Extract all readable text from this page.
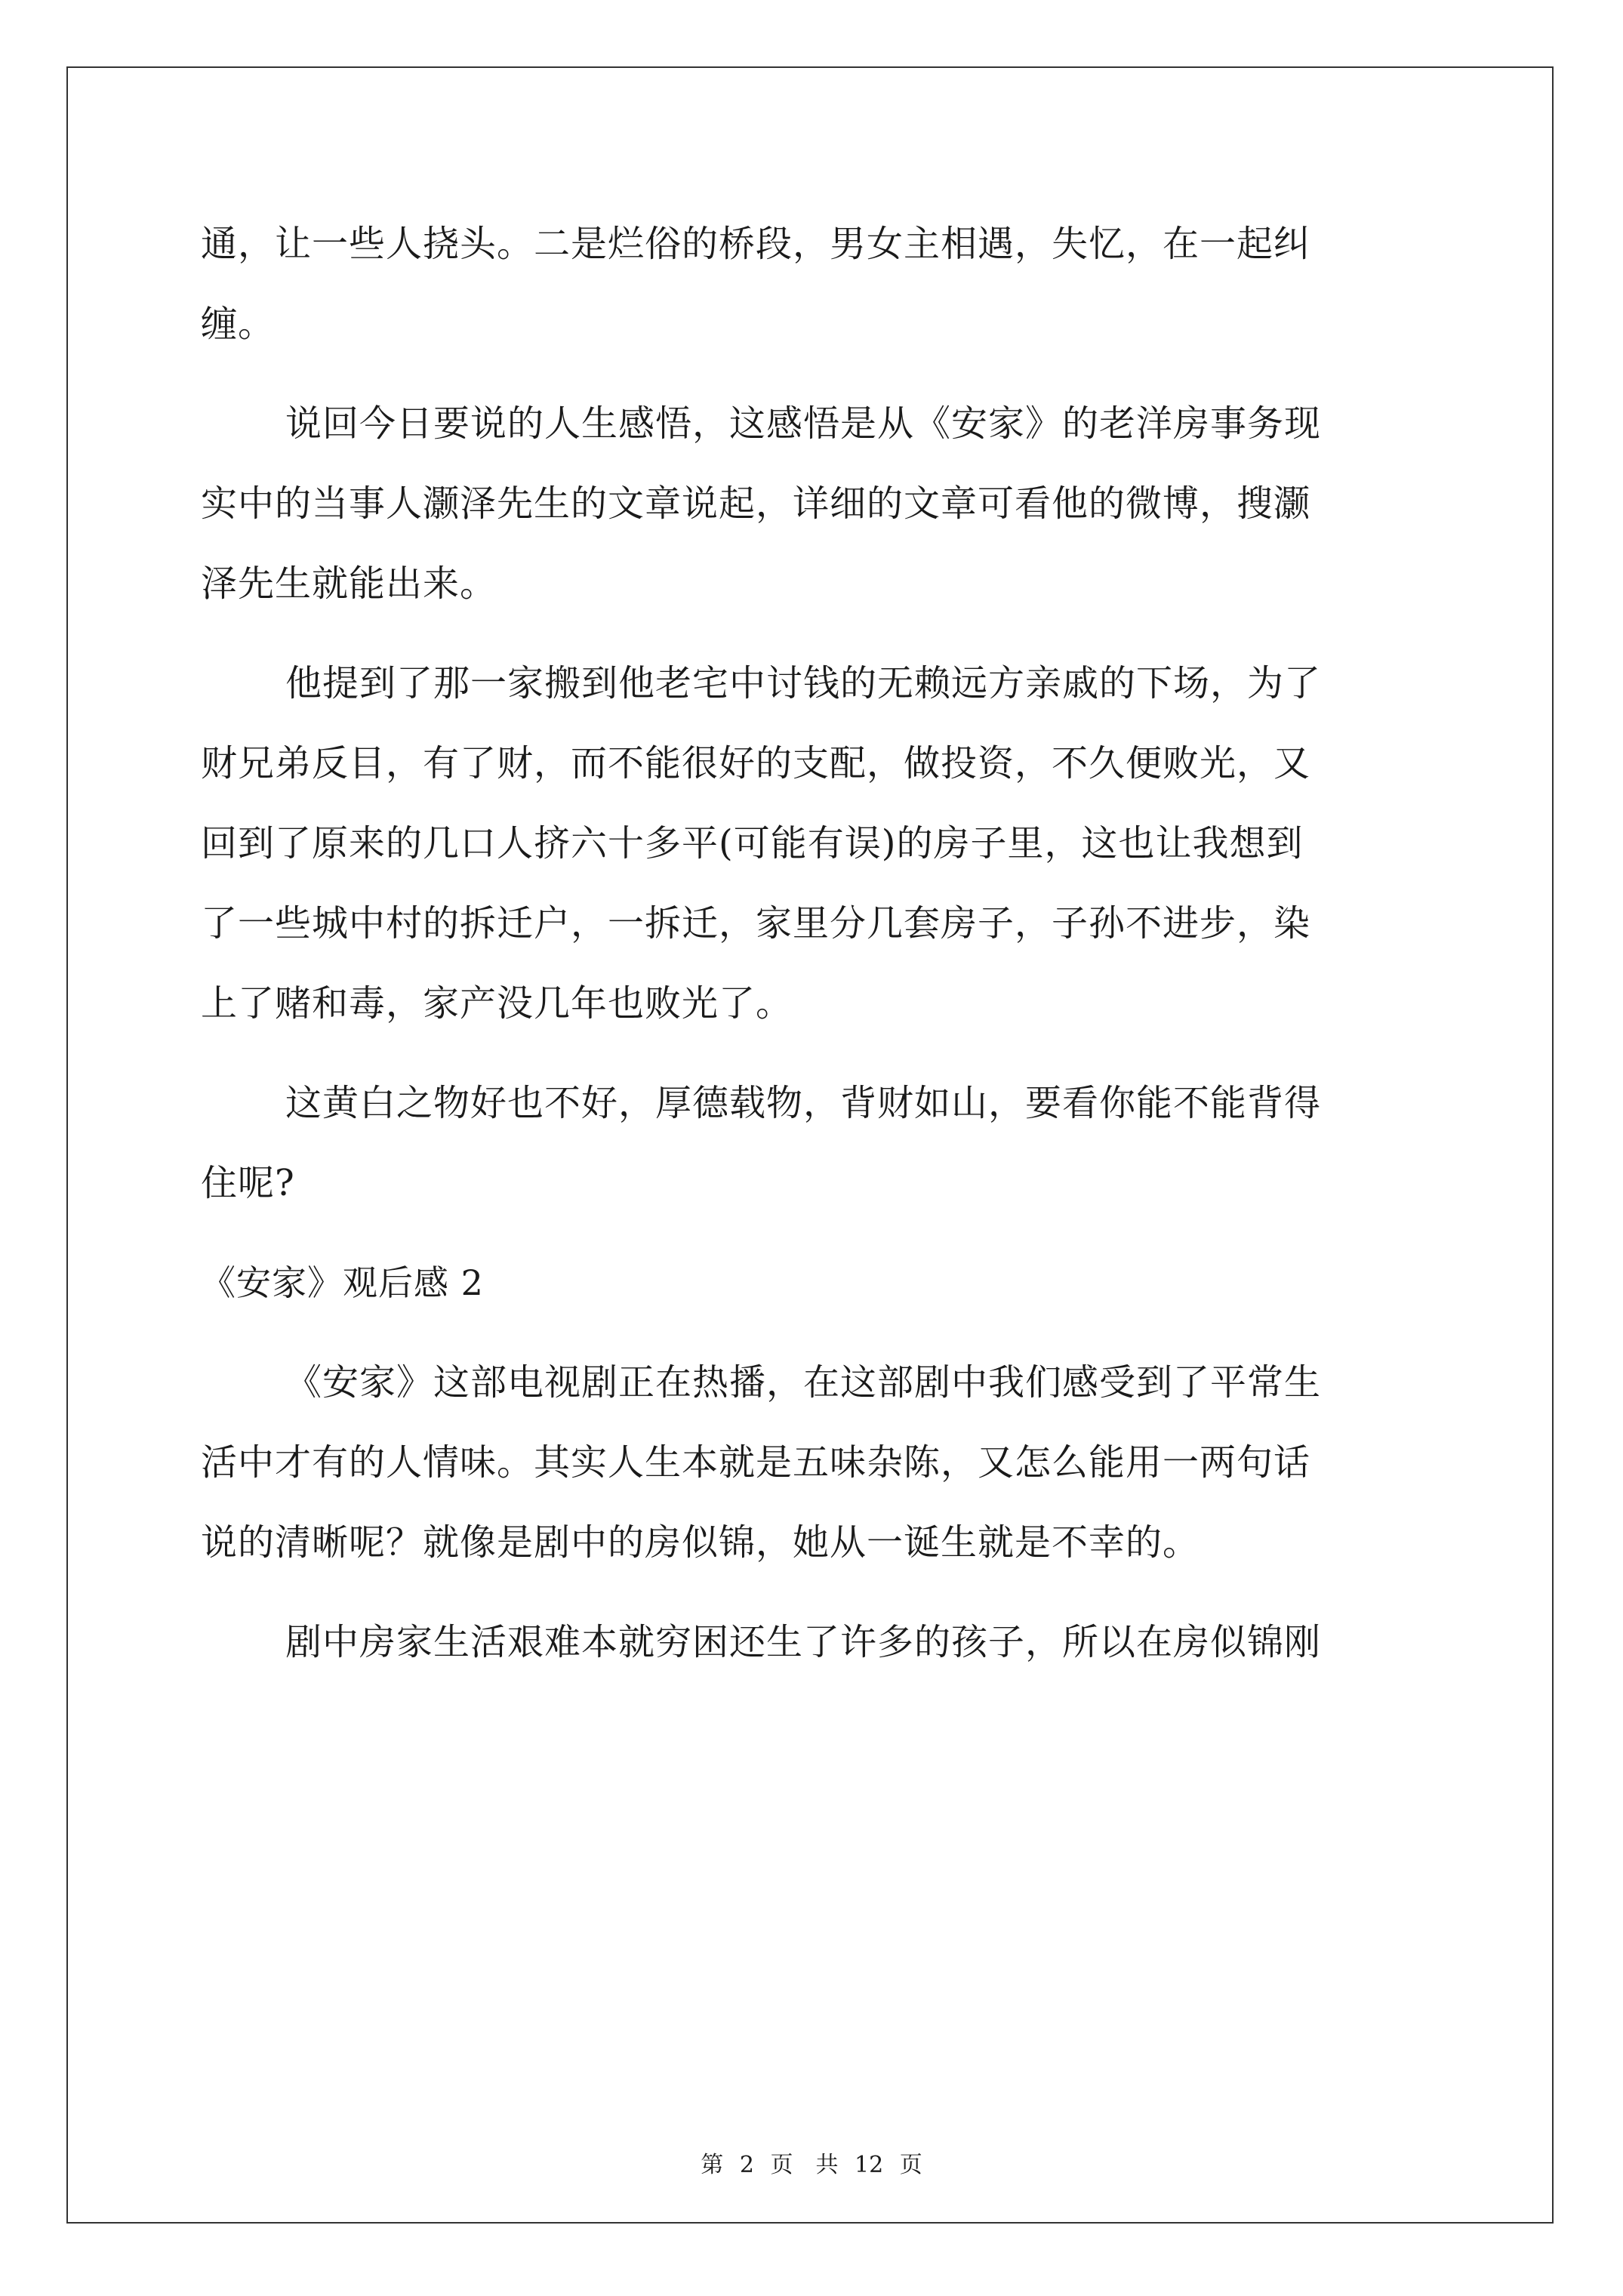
通，让一些人挠头。二是烂俗的桥段，男女主相遇，失忆，在一起纠
缠。
说回今日要说的人生感悟，这感悟是从《安家》的老洋房事务现
实中的当事人灏泽先生的文章说起，详细的文章可看他的微博，搜灏
泽先生就能出来。
他提到了那一家搬到他老宅中讨钱的无赖远方亲戚的下场，为了
财兄弟反目，有了财，而不能很好的支配，做投资，不久便败光，又
回到了原来的几口人挤六十多平(可能有误)的房子里，这也让我想到
了一些城中村的拆迁户，一拆迁，家里分几套房子，子孙不进步，染
上了赌和毒，家产没几年也败光了。
这黄白之物好也不好，厚德载物，背财如山，要看你能不能背得
住呢?
《安家》观后感 2
《安家》这部电视剧正在热播，在这部剧中我们感受到了平常生
活中才有的人情味。其实人生本就是五味杂陈，又怎么能用一两句话
说的清晰呢？就像是剧中的房似锦，她从一诞生就是不幸的。
剧中房家生活艰难本就穷困还生了许多的孩子，所以在房似锦刚
第 2 页　共 12 页
